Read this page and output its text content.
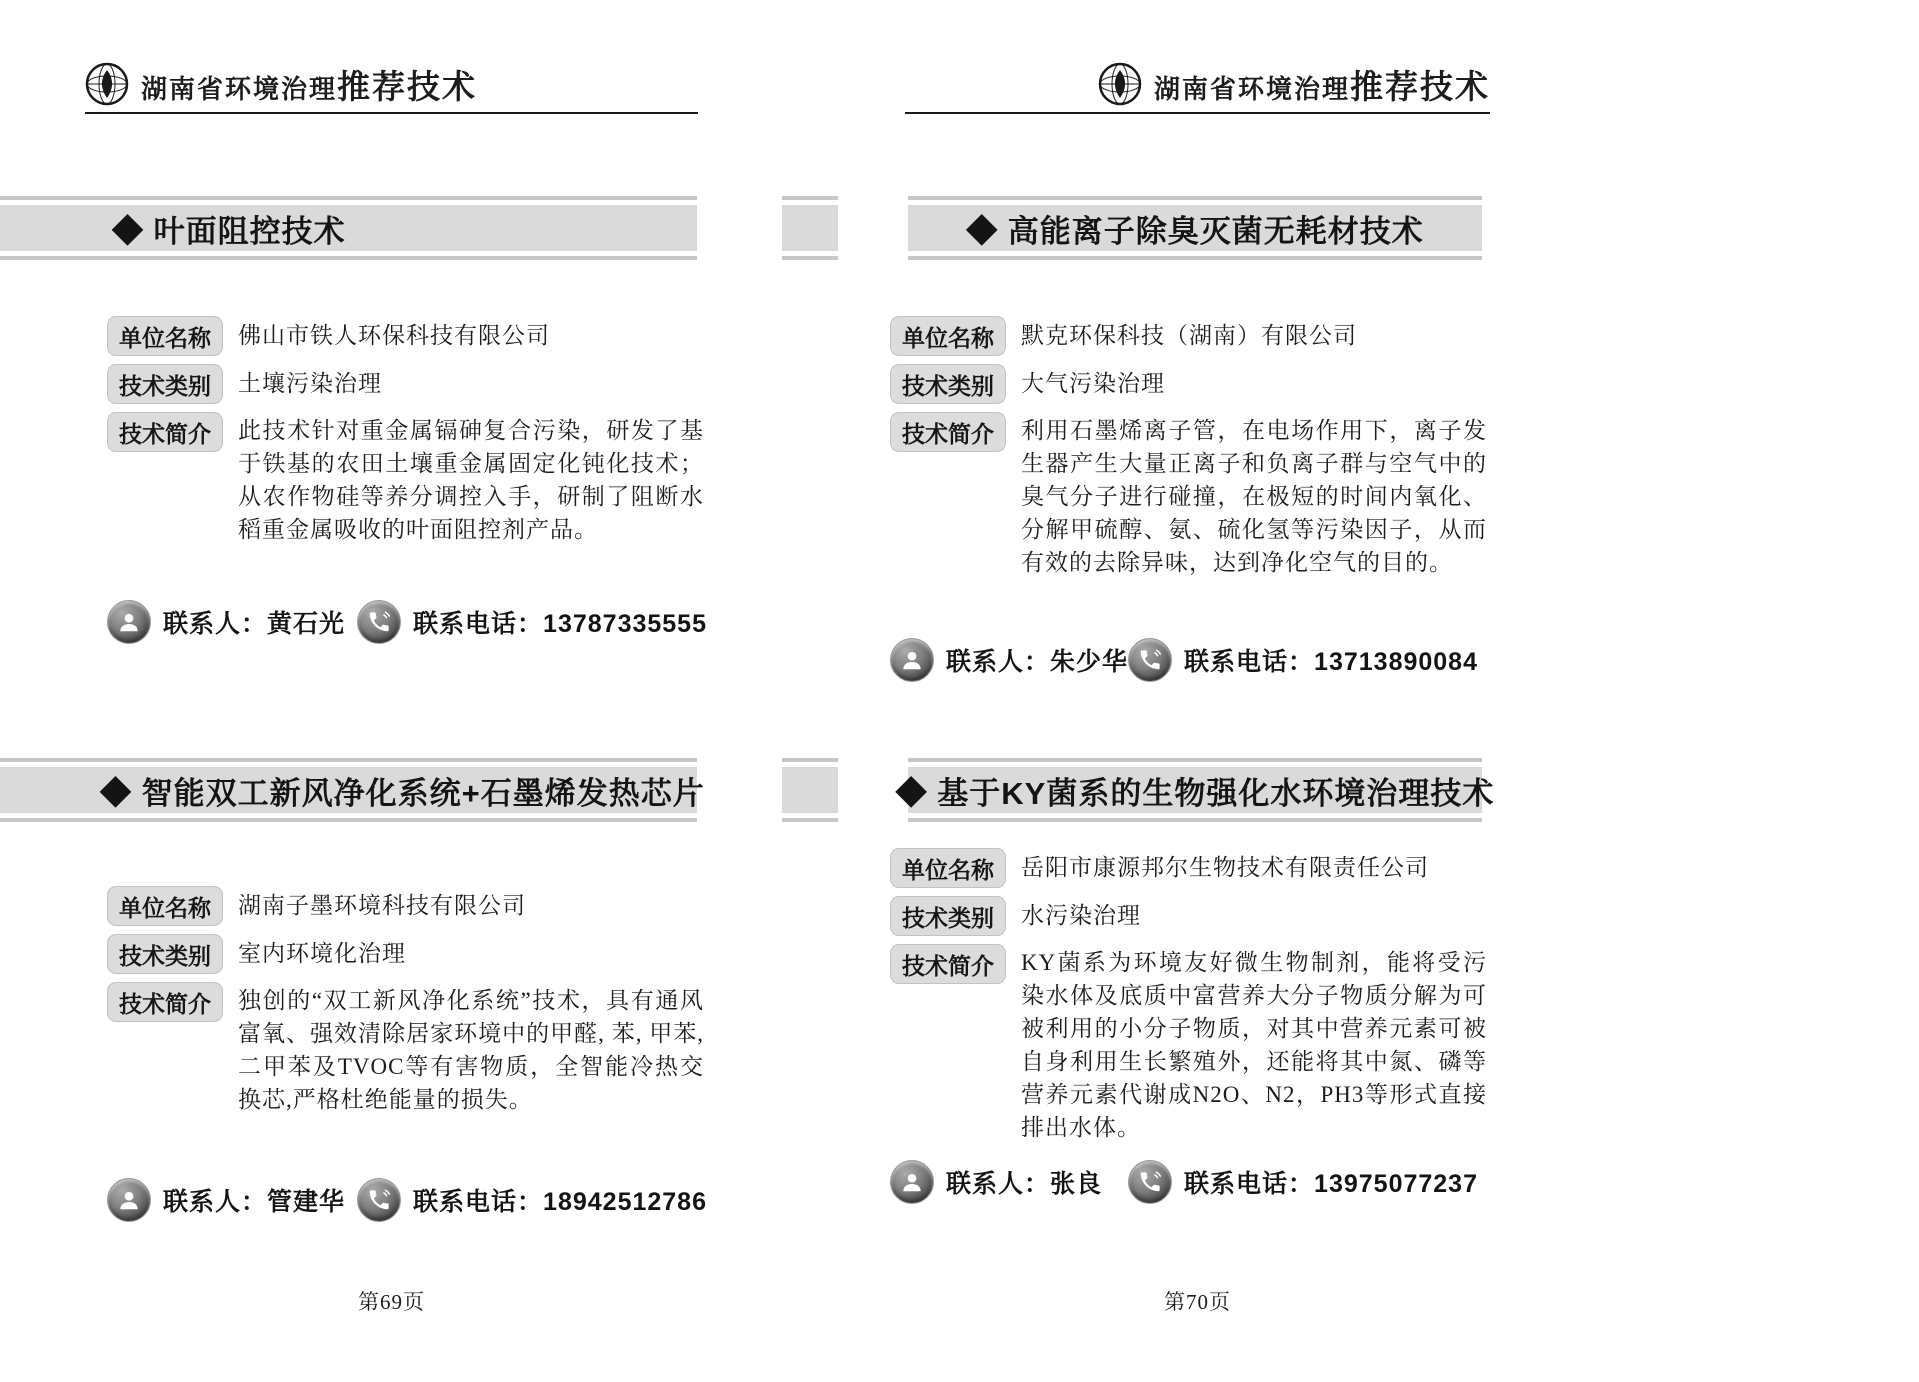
湖南省环境治理推荐技术	湖南省环境治理推荐技术
◆ 叶面阻控技术
◆ 智能双工新风净化系统+石墨烯发热芯片
◆ 高能离子除臭灭菌无耗材技术
◆ 基于KY菌系的生物强化水环境治理技术
单位名称	佛山市铁人环保科技有限公司
技术类别	土壤污染治理
技术简介	此技术针对重金属镉砷复合污染，研发了基于铁基的农田土壤重金属固定化钝化技术；从农作物硅等养分调控入手，研制了阻断水稻重金属吸收的叶面阻控剂产品。

联系人：黄石光	联系电话：13787335555
单位名称	湖南子墨环境科技有限公司
技术类别	室内环境化治理
技术简介	独创的“双工新风净化系统”技术，具有通风富氧、强效清除居家环境中的甲醛, 苯, 甲苯, 二甲苯及TVOC等有害物质，全智能冷热交换芯,严格杜绝能量的损失。

联系人：管建华	联系电话：18942512786
单位名称	默克环保科技（湖南）有限公司
技术类别	大气污染治理
技术简介	利用石墨烯离子管，在电场作用下，离子发生器产生大量正离子和负离子群与空气中的臭气分子进行碰撞，在极短的时间内氧化、分解甲硫醇、氨、硫化氢等污染因子，从而有效的去除异味，达到净化空气的目的。

联系人：朱少华 联系电话：13713890084
单位名称	岳阳市康源邦尔生物技术有限责任公司
技术类别	水污染治理
技术简介	KY菌系为环境友好微生物制剂，能将受污染水体及底质中富营养大分子物质分解为可被利用的小分子物质，对其中营养元素可被自身利用生长繁殖外，还能将其中氮、磷等营养元素代谢成N2O、N2，PH3等形式直接排出水体。

联系人：张良	联系电话：13975077237
第69页	第70页
